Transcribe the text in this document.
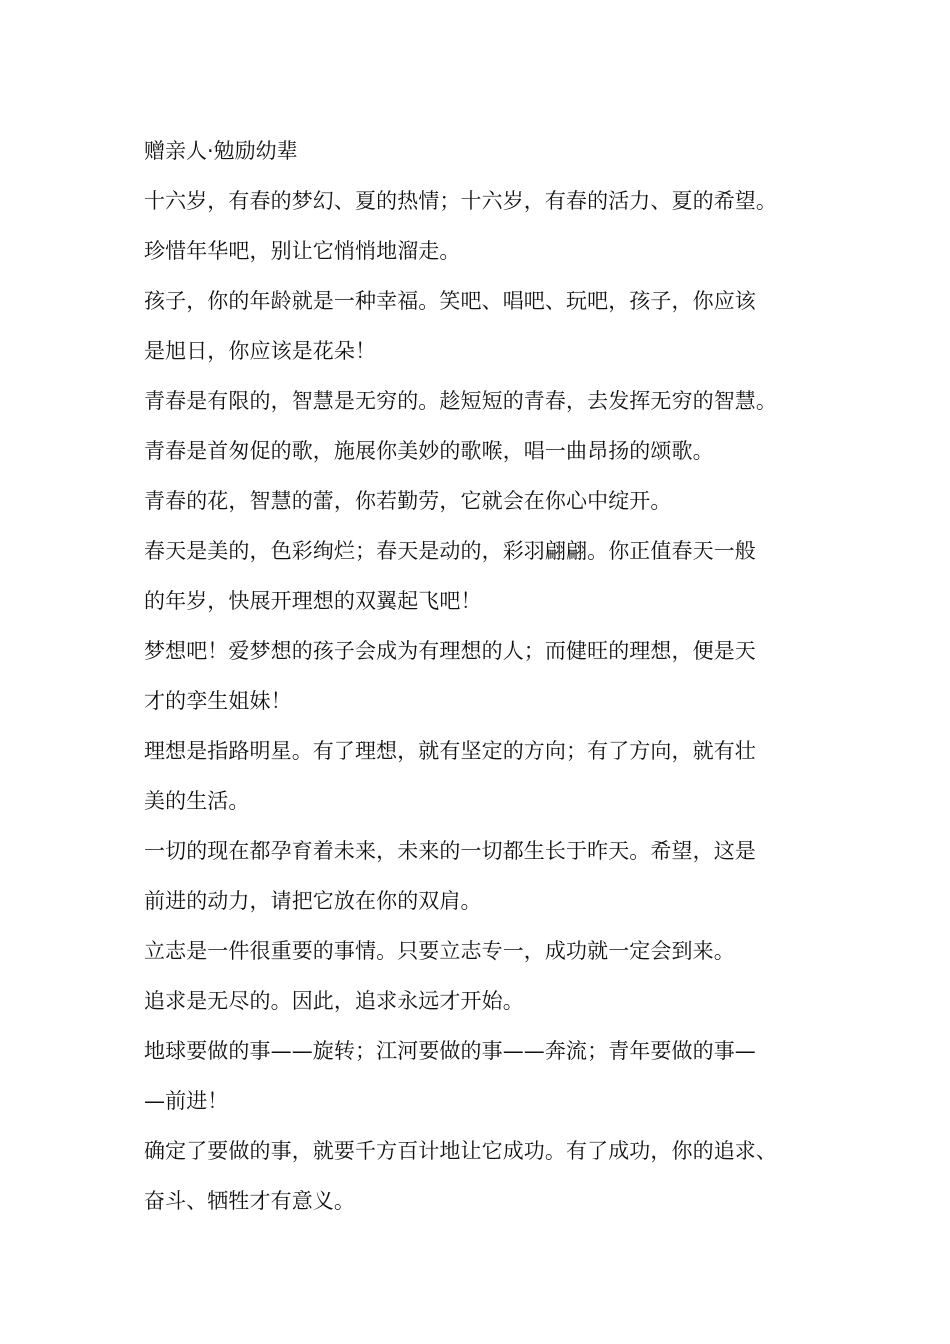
赠亲人·勉励幼辈

十六岁，有春的梦幻、夏的热情；十六岁，有春的活力、夏的希望。

珍惜年华吧，别让它悄悄地溜走。

孩子，你的年龄就是一种幸福。笑吧、唱吧、玩吧，孩子，你应该
是旭日，你应该是花朵！

青春是有限的，智慧是无穷的。趁短短的青春，去发挥无穷的智慧。

青春是首匆促的歌，施展你美妙的歌喉，唱一曲昂扬的颂歌。

青春的花，智慧的蕾，你若勤劳，它就会在你心中绽开。

春天是美的，色彩绚烂；春天是动的，彩羽翩翩。你正值春天一般
的年岁，快展开理想的双翼起飞吧！

梦想吧！爱梦想的孩子会成为有理想的人；而健旺的理想，便是天
才的孪生姐妹！

理想是指路明星。有了理想，就有坚定的方向；有了方向，就有壮
美的生活。

一切的现在都孕育着未来，未来的一切都生长于昨天。希望，这是
前进的动力，请把它放在你的双肩。

立志是一件很重要的事情。只要立志专一，成功就一定会到来。

追求是无尽的。因此，追求永远才开始。

地球要做的事——旋转；江河要做的事——奔流；青年要做的事—
—前进！

确定了要做的事，就要千方百计地让它成功。有了成功，你的追求、
奋斗、牺牲才有意义。
